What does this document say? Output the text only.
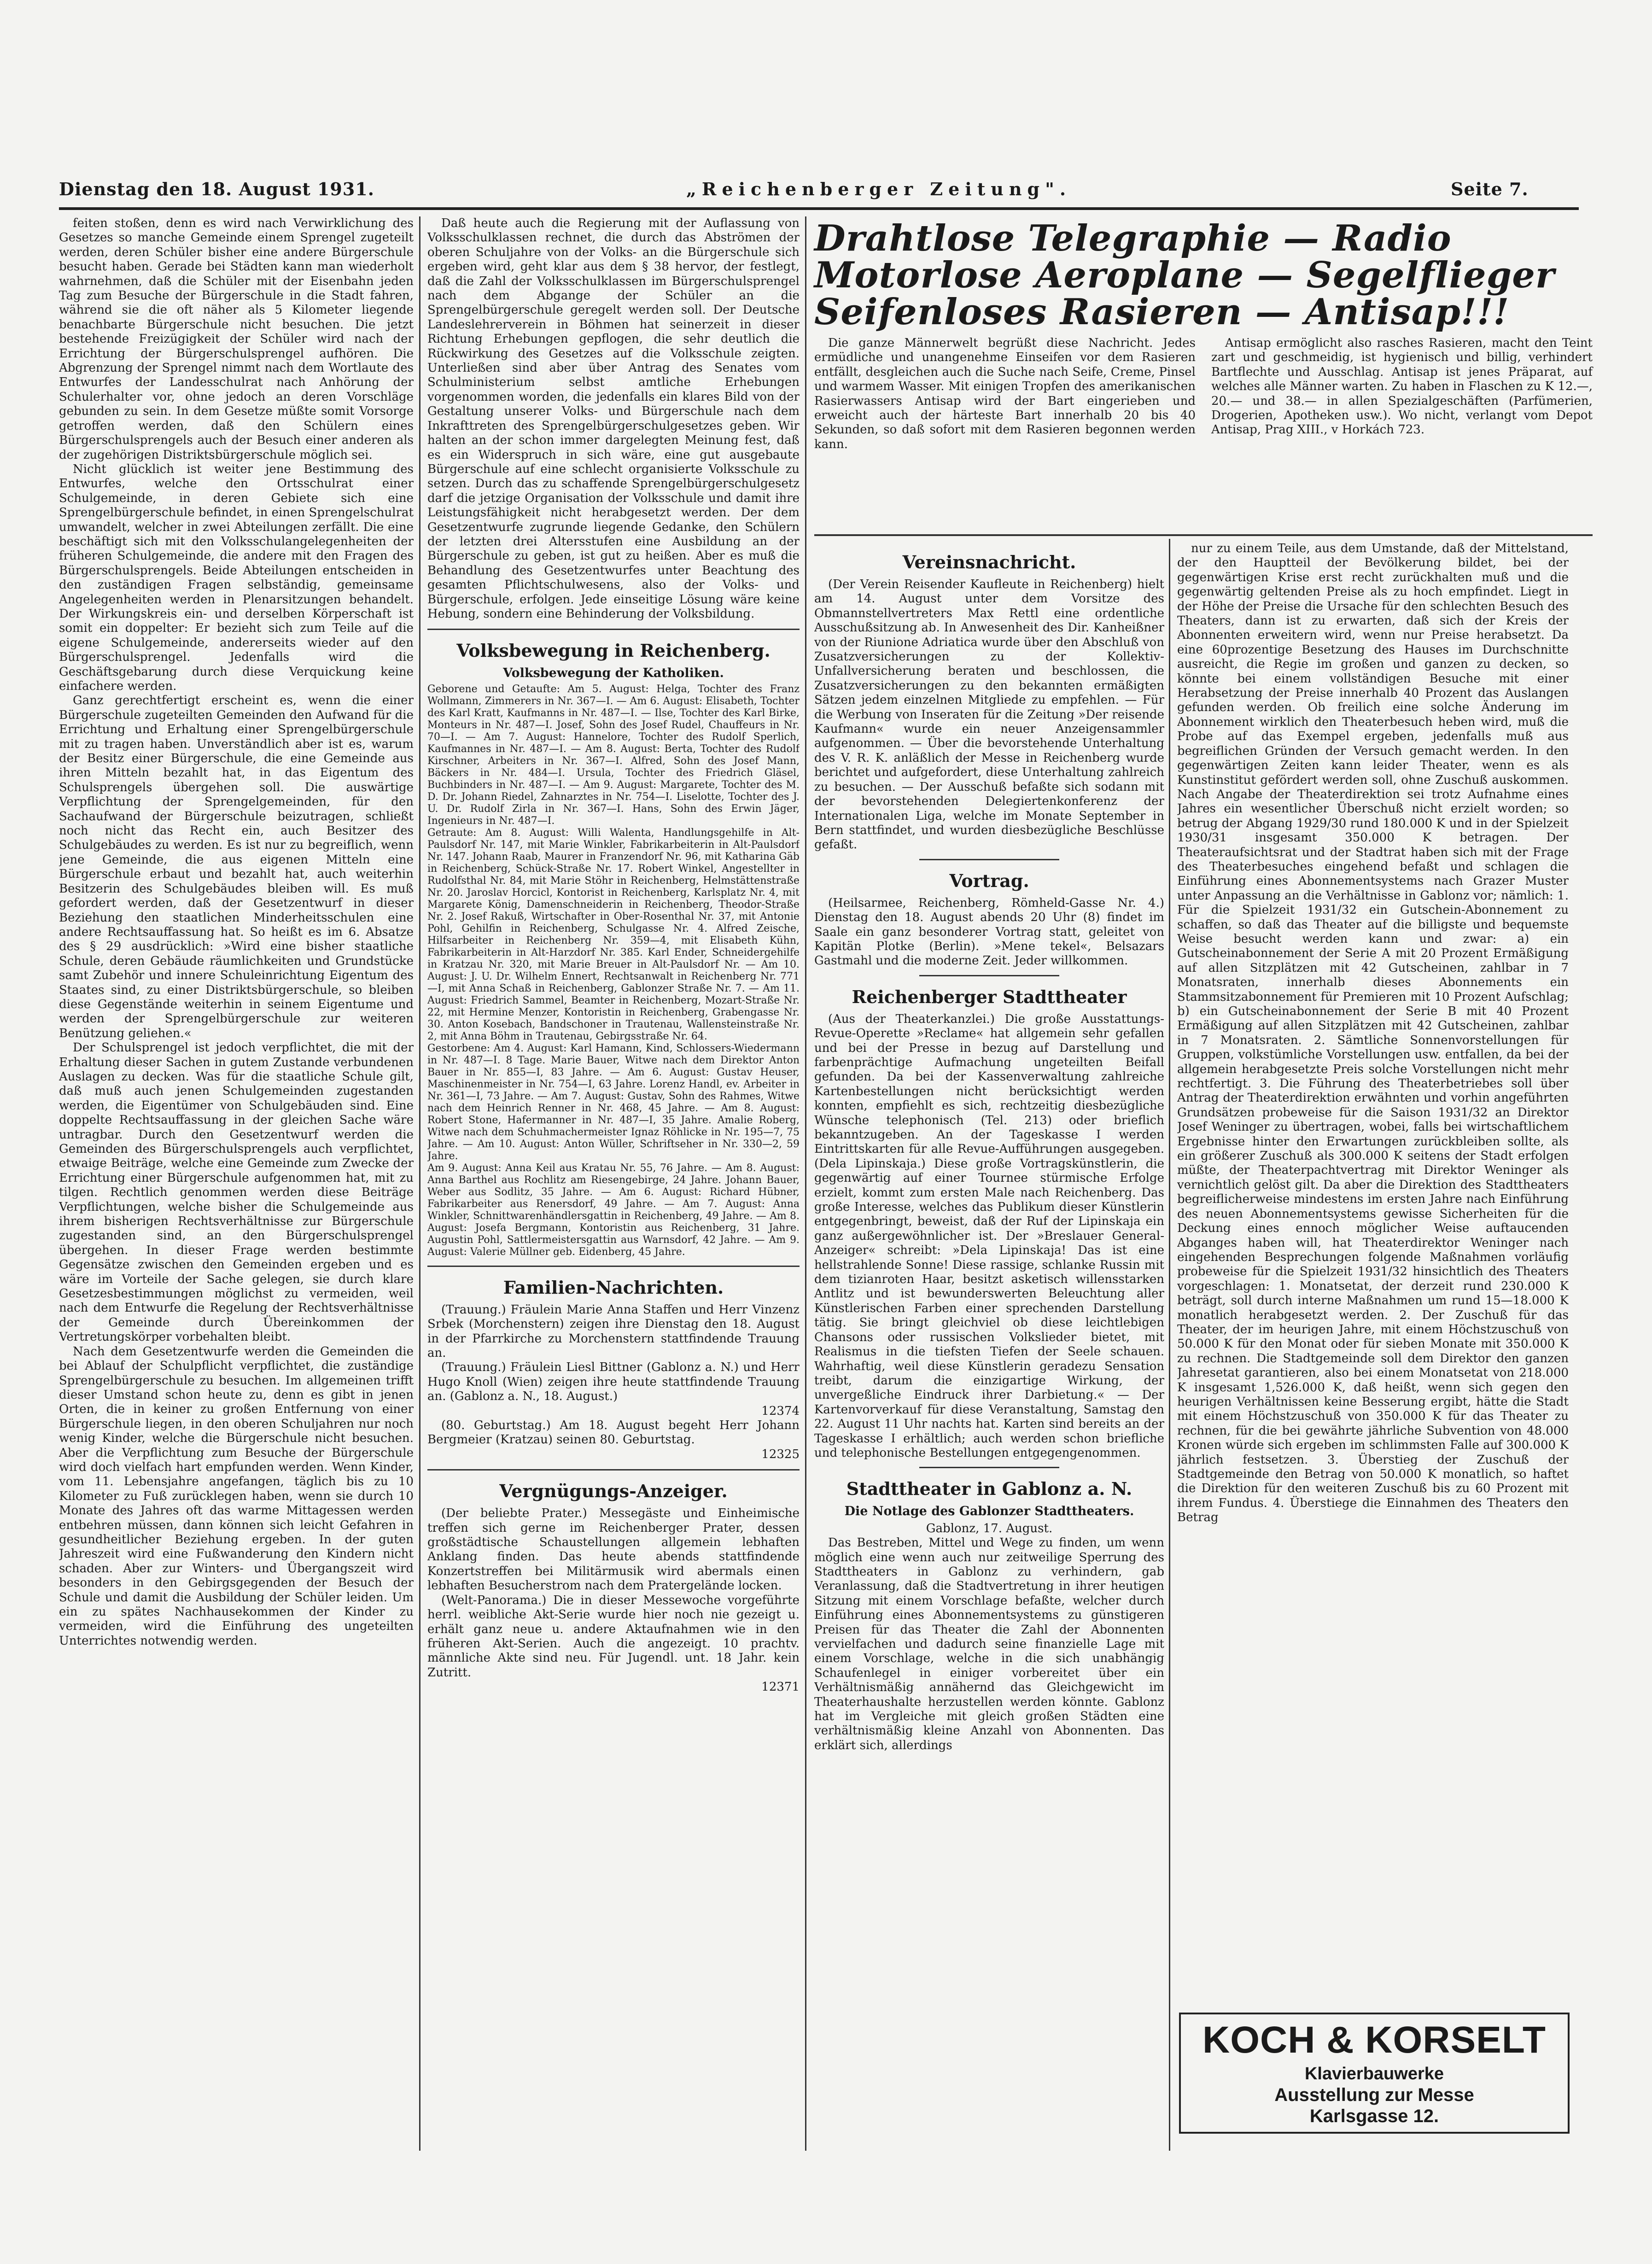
Dienstag den 18. August 1931.	„Reichenberger Zeitung".	Seite 7.

feiten stoßen, denn es wird nach Verwirklichung des Gesetzes so manche Gemeinde einem Sprengel zugeteilt werden, deren Schüler bisher eine andere Bürgerschule besucht haben. Gerade bei Städten kann man wiederholt wahrnehmen, daß die Schüler mit der Eisenbahn jeden Tag zum Besuche der Bürgerschule in die Stadt fahren, während sie die oft näher als 5 Kilometer liegende benachbarte Bürgerschule nicht besuchen. Die jetzt bestehende Freizügigkeit der Schüler wird nach der Errichtung der Bürgerschulsprengel aufhören. Die Abgrenzung der Sprengel nimmt nach dem Wortlaute des Entwurfes der Landesschulrat nach Anhörung der Schulerhalter vor, ohne jedoch an deren Vorschläge gebunden zu sein. In dem Gesetze müßte somit Vorsorge getroffen werden, daß den Schülern eines Bürgerschulsprengels auch der Besuch einer anderen als der zugehörigen Distriktsbürgerschule möglich sei.

Nicht glücklich ist weiter jene Bestimmung des Entwurfes, welche den Ortsschulrat einer Schulgemeinde, in deren Gebiete sich eine Sprengelbürgerschule befindet, in einen Sprengelschulrat umwandelt, welcher in zwei Abteilungen zerfällt. Die eine beschäftigt sich mit den Volksschulangelegenheiten der früheren Schulgemeinde, die andere mit den Fragen des Bürgerschulsprengels. Beide Abteilungen entscheiden in den zuständigen Fragen selbständig, gemeinsame Angelegenheiten werden in Plenarsitzungen behandelt. Der Wirkungskreis ein- und derselben Körperschaft ist somit ein doppelter: Er bezieht sich zum Teile auf die eigene Schulgemeinde, andererseits wieder auf den Bürgerschulsprengel. Jedenfalls wird die Geschäftsgebarung durch diese Verquickung keine einfachere werden.

Ganz gerechtfertigt erscheint es, wenn die einer Bürgerschule zugeteilten Gemeinden den Aufwand für die Errichtung und Erhaltung einer Sprengelbürgerschule mit zu tragen haben. Unverständlich aber ist es, warum der Besitz einer Bürgerschule, die eine Gemeinde aus ihren Mitteln bezahlt hat, in das Eigentum des Schulsprengels übergehen soll. Die auswärtige Verpflichtung der Sprengelgemeinden, für den Sachaufwand der Bürgerschule beizutragen, schließt noch nicht das Recht ein, auch Besitzer des Schulgebäudes zu werden. Es ist nur zu begreiflich, wenn jene Gemeinde, die aus eigenen Mitteln eine Bürgerschule erbaut und bezahlt hat, auch weiterhin Besitzerin des Schulgebäudes bleiben will. Es muß gefordert werden, daß der Gesetzentwurf in dieser Beziehung den staatlichen Minderheitsschulen eine andere Rechtsauffassung hat. So heißt es im 6. Absatze des § 29 ausdrücklich: »Wird eine bisher staatliche Schule, deren Gebäude räumlichkeiten und Grundstücke samt Zubehör und innere Schuleinrichtung Eigentum des Staates sind, zu einer Distriktsbürgerschule, so bleiben diese Gegenstände weiterhin in seinem Eigentume und werden der Sprengelbürgerschule zur weiteren Benützung geliehen.«

Der Schulsprengel ist jedoch verpflichtet, die mit der Erhaltung dieser Sachen in gutem Zustande verbundenen Auslagen zu decken. Was für die staatliche Schule gilt, daß muß auch jenen Schulgemeinden zugestanden werden, die Eigentümer von Schulgebäuden sind. Eine doppelte Rechtsauffassung in der gleichen Sache wäre untragbar. Durch den Gesetzentwurf werden die Gemeinden des Bürgerschulsprengels auch verpflichtet, etwaige Beiträge, welche eine Gemeinde zum Zwecke der Errichtung einer Bürgerschule aufgenommen hat, mit zu tilgen. Rechtlich genommen werden diese Beiträge Verpflichtungen, welche bisher die Schulgemeinde aus ihrem bisherigen Rechtsverhältnisse zur Bürgerschule zugestanden sind, an den Bürgerschulsprengel übergehen. In dieser Frage werden bestimmte Gegensätze zwischen den Gemeinden ergeben und es wäre im Vorteile der Sache gelegen, sie durch klare Gesetzesbestimmungen möglichst zu vermeiden, weil nach dem Entwurfe die Regelung der Rechtsverhältnisse der Gemeinde durch Übereinkommen der Vertretungskörper vorbehalten bleibt.

Nach dem Gesetzentwurfe werden die Gemeinden die bei Ablauf der Schulpflicht verpflichtet, die zuständige Sprengelbürgerschule zu besuchen. Im allgemeinen trifft dieser Umstand schon heute zu, denn es gibt in jenen Orten, die in keiner zu großen Entfernung von einer Bürgerschule liegen, in den oberen Schuljahren nur noch wenig Kinder, welche die Bürgerschule nicht besuchen. Aber die Verpflichtung zum Besuche der Bürgerschule wird doch vielfach hart empfunden werden. Wenn Kinder, vom 11. Lebensjahre angefangen, täglich bis zu 10 Kilometer zu Fuß zurücklegen haben, wenn sie durch 10 Monate des Jahres oft das warme Mittagessen werden entbehren müssen, dann können sich leicht Gefahren in gesundheitlicher Beziehung ergeben. In der guten Jahreszeit wird eine Fußwanderung den Kindern nicht schaden. Aber zur Winters- und Übergangszeit wird besonders in den Gebirgsgegenden der Besuch der Schule und damit die Ausbildung der Schüler leiden. Um ein zu spätes Nachhausekommen der Kinder zu vermeiden, wird die Einführung des ungeteilten Unterrichtes notwendig werden.

Daß heute auch die Regierung mit der Auflassung von Volksschulklassen rechnet, die durch das Abströmen der oberen Schuljahre von der Volks- an die Bürgerschule sich ergeben wird, geht klar aus dem § 38 hervor, der festlegt, daß die Zahl der Volksschulklassen im Bürgerschulsprengel nach dem Abgange der Schüler an die Sprengelbürgerschule geregelt werden soll. Der Deutsche Landeslehrerverein in Böhmen hat seinerzeit in dieser Richtung Erhebungen gepflogen, die sehr deutlich die Rückwirkung des Gesetzes auf die Volksschule zeigten. Unterließen sind aber über Antrag des Senates vom Schulministerium selbst amtliche Erhebungen vorgenommen worden, die jedenfalls ein klares Bild von der Gestaltung unserer Volks- und Bürgerschule nach dem Inkrafttreten des Sprengelbürgerschulgesetzes geben. Wir halten an der schon immer dargelegten Meinung fest, daß es ein Widerspruch in sich wäre, eine gut ausgebaute Bürgerschule auf eine schlecht organisierte Volksschule zu setzen. Durch das zu schaffende Sprengelbürgerschulgesetz darf die jetzige Organisation der Volksschule und damit ihre Leistungsfähigkeit nicht herabgesetzt werden. Der dem Gesetzentwurfe zugrunde liegende Gedanke, den Schülern der letzten drei Altersstufen eine Ausbildung an der Bürgerschule zu geben, ist gut zu heißen. Aber es muß die Behandlung des Gesetzentwurfes unter Beachtung des gesamten Pflichtschulwesens, also der Volks- und Bürgerschule, erfolgen. Jede einseitige Lösung wäre keine Hebung, sondern eine Behinderung der Volksbildung.

Volksbewegung in Reichenberg.
Volksbewegung der Katholiken.
Geborene und Getaufte: Am 5. August: Helga, Tochter des Franz Wollmann, Zimmerers in Nr. 367—I. — Am 6. August: Elisabeth, Tochter des Karl Kratt, Kaufmanns in Nr. 487—I. — Ilse, Tochter des Karl Birke, Monteurs in Nr. 487—I. Josef, Sohn des Josef Rudel, Chauffeurs in Nr. 70—I. — Am 7. August: Hannelore, Tochter des Rudolf Sperlich, Kaufmannes in Nr. 487—I. — Am 8. August: Berta, Tochter des Rudolf Kirschner, Arbeiters in Nr. 367—I. Alfred, Sohn des Josef Mann, Bäckers in Nr. 484—I. Ursula, Tochter des Friedrich Gläsel, Buchbinders in Nr. 487—I. — Am 9. August: Margarete, Tochter des M. D. Dr. Johann Riedel, Zahnarztes in Nr. 754—I. Liselotte, Tochter des J. U. Dr. Rudolf Zirla in Nr. 367—I. Hans, Sohn des Erwin Jäger, Ingenieurs in Nr. 487—I.
Getraute: Am 8. August: Willi Walenta, Handlungsgehilfe in Alt-Paulsdorf Nr. 147, mit Marie Winkler, Fabrikarbeiterin in Alt-Paulsdorf Nr. 147. Johann Raab, Maurer in Franzendorf Nr. 96, mit Katharina Gäb in Reichenberg, Schück-Straße Nr. 17. Robert Winkel, Angestellter in Rudolfsthal Nr. 84, mit Marie Stöhr in Reichenberg, Helmstättenstraße Nr. 20. Jaroslav Horcicl, Kontorist in Reichenberg, Karlsplatz Nr. 4, mit Margarete König, Damenschneiderin in Reichenberg, Theodor-Straße Nr. 2. Josef Rakuß, Wirtschafter in Ober-Rosenthal Nr. 37, mit Antonie Pohl, Gehilfin in Reichenberg, Schulgasse Nr. 4. Alfred Zeische, Hilfsarbeiter in Reichenberg Nr. 359—4, mit Elisabeth Kühn, Fabrikarbeiterin in Alt-Harzdorf Nr. 385. Karl Ender, Schneidergehilfe in Kratzau Nr. 320, mit Marie Breuer in Alt-Paulsdorf Nr. — Am 10. August: J. U. Dr. Wilhelm Ennert, Rechtsanwalt in Reichenberg Nr. 771—I, mit Anna Schaß in Reichenberg, Gablonzer Straße Nr. 7. — Am 11. August: Friedrich Sammel, Beamter in Reichenberg, Mozart-Straße Nr. 22, mit Hermine Menzer, Kontoristin in Reichenberg, Grabengasse Nr. 30. Anton Kosebach, Bandschoner in Trautenau, Wallensteinstraße Nr. 2, mit Anna Böhm in Trautenau, Gebirgsstraße Nr. 64.
Gestorbene: Am 4. August: Karl Hamann, Kind, Schlossers-Wiedermann in Nr. 487—I. 8 Tage. Marie Bauer, Witwe nach dem Direktor Anton Bauer in Nr. 855—I, 83 Jahre. — Am 6. August: Gustav Heuser, Maschinenmeister in Nr. 754—I, 63 Jahre. Lorenz Handl, ev. Arbeiter in Nr. 361—I, 73 Jahre. — Am 7. August: Gustav, Sohn des Rahmes, Witwe nach dem Heinrich Renner in Nr. 468, 45 Jahre. — Am 8. August: Robert Stone, Hafermanner in Nr. 487—I, 35 Jahre. Amalie Roberg, Witwe nach dem Schuhmachermeister Ignaz Röhlicke in Nr. 195—7, 75 Jahre. — Am 10. August: Anton Wüller, Schriftseher in Nr. 330—2, 59 Jahre.
Am 9. August: Anna Keil aus Kratau Nr. 55, 76 Jahre. — Am 8. August: Anna Barthel aus Rochlitz am Riesengebirge, 24 Jahre. Johann Bauer, Weber aus Sodlitz, 35 Jahre. — Am 6. August: Richard Hübner, Fabrikarbeiter aus Renersdorf, 49 Jahre. — Am 7. August: Anna Winkler, Schnittwarenhändlersgattin in Reichenberg, 49 Jahre. — Am 8. August: Josefa Bergmann, Kontoristin aus Reichenberg, 31 Jahre. Augustin Pohl, Sattlermeistersgattin aus Warnsdorf, 42 Jahre. — Am 9. August: Valerie Müllner geb. Eidenberg, 45 Jahre.
Familien-Nachrichten.

(Trauung.) Fräulein Marie Anna Staffen und Herr Vinzenz Srbek (Morchenstern) zeigen ihre Dienstag den 18. August in der Pfarrkirche zu Morchenstern stattfindende Trauung an.

(Trauung.) Fräulein Liesl Bittner (Gablonz a. N.) und Herr Hugo Knoll (Wien) zeigen ihre heute stattfindende Trauung an. (Gablonz a. N., 18. August.)

12374

(80. Geburtstag.) Am 18. August begeht Herr Johann Bergmeier (Kratzau) seinen 80. Geburtstag.

12325
Vergnügungs-Anzeiger.

(Der beliebte Prater.) Messegäste und Einheimische treffen sich gerne im Reichenberger Prater, dessen großstädtische Schaustellungen allgemein lebhaften Anklang finden. Das heute abends stattfindende Konzertstreffen bei Militärmusik wird abermals einen lebhaften Besucherstrom nach dem Pratergelände locken.

(Welt-Panorama.) Die in dieser Messewoche vorgeführte herrl. weibliche Akt-Serie wurde hier noch nie gezeigt u. erhält ganz neue u. andere Aktaufnahmen wie in den früheren Akt-Serien. Auch die angezeigt. 10 prachtv. männliche Akte sind neu. Für Jugendl. unt. 18 Jahr. kein Zutritt.

12371
Drahtlose Telegraphie — Radio
Motorlose Aeroplane — Segelflieger
Seifenloses Rasieren — Antisap!!!

Die ganze Männerwelt begrüßt diese Nachricht. Jedes ermüdliche und unangenehme Einseifen vor dem Rasieren entfällt, desgleichen auch die Suche nach Seife, Creme, Pinsel und warmem Wasser. Mit einigen Tropfen des amerikanischen Rasierwassers Antisap wird der Bart eingerieben und erweicht auch der härteste Bart innerhalb 20 bis 40 Sekunden, so daß sofort mit dem Rasieren begonnen werden kann.

Antisap ermöglicht also rasches Rasieren, macht den Teint zart und geschmeidig, ist hygienisch und billig, verhindert Bartflechte und Ausschlag. Antisap ist jenes Präparat, auf welches alle Männer warten. Zu haben in Flaschen zu K 12.—, 20.— und 38.— in allen Spezialgeschäften (Parfümerien, Drogerien, Apotheken usw.). Wo nicht, verlangt vom Depot Antisap, Prag XIII., v Horkách 723.

Vereinsnachricht.

(Der Verein Reisender Kaufleute in Reichenberg) hielt am 14. August unter dem Vorsitze des Obmannstellvertreters Max Rettl eine ordentliche Ausschußsitzung ab. In Anwesenheit des Dir. Kanheißner von der Riunione Adriatica wurde über den Abschluß von Zusatzversicherungen zu der Kollektiv-Unfallversicherung beraten und beschlossen, die Zusatzversicherungen zu den bekannten ermäßigten Sätzen jedem einzelnen Mitgliede zu empfehlen. — Für die Werbung von Inseraten für die Zeitung »Der reisende Kaufmann« wurde ein neuer Anzeigensammler aufgenommen. — Über die bevorstehende Unterhaltung des V. R. K. anläßlich der Messe in Reichenberg wurde berichtet und aufgefordert, diese Unterhaltung zahlreich zu besuchen. — Der Ausschuß befaßte sich sodann mit der bevorstehenden Delegiertenkonferenz der Internationalen Liga, welche im Monate September in Bern stattfindet, und wurden diesbezügliche Beschlüsse gefaßt.

Vortrag.

(Heilsarmee, Reichenberg, Römheld-Gasse Nr. 4.) Dienstag den 18. August abends 20 Uhr (8) findet im Saale ein ganz besonderer Vortrag statt, geleitet von Kapitän Plotke (Berlin). »Mene tekel«, Belsazars Gastmahl und die moderne Zeit. Jeder willkommen.

Reichenberger Stadttheater

(Aus der Theaterkanzlei.) Die große Ausstattungs-Revue-Operette »Reclame« hat allgemein sehr gefallen und bei der Presse in bezug auf Darstellung und farbenprächtige Aufmachung ungeteilten Beifall gefunden. Da bei der Kassenverwaltung zahlreiche Kartenbestellungen nicht berücksichtigt werden konnten, empfiehlt es sich, rechtzeitig diesbezügliche Wünsche telephonisch (Tel. 213) oder brieflich bekanntzugeben. An der Tageskasse I werden Eintrittskarten für alle Revue-Aufführungen ausgegeben. (Dela Lipinskaja.) Diese große Vortragskünstlerin, die gegenwärtig auf einer Tournee stürmische Erfolge erzielt, kommt zum ersten Male nach Reichenberg. Das große Interesse, welches das Publikum dieser Künstlerin entgegenbringt, beweist, daß der Ruf der Lipinskaja ein ganz außergewöhnlicher ist. Der »Breslauer General-Anzeiger« schreibt: »Dela Lipinskaja! Das ist eine hellstrahlende Sonne! Diese rassige, schlanke Russin mit dem tizianroten Haar, besitzt asketisch willensstarken Antlitz und ist bewunderswerten Beleuchtung aller Künstlerischen Farben einer sprechenden Darstellung tätig. Sie bringt gleichviel ob diese leichtlebigen Chansons oder russischen Volkslieder bietet, mit Realismus in die tiefsten Tiefen der Seele schauen. Wahrhaftig, weil diese Künstlerin geradezu Sensation treibt, darum die einzigartige Wirkung, der unvergeßliche Eindruck ihrer Darbietung.« — Der Kartenvorverkauf für diese Veranstaltung, Samstag den 22. August 11 Uhr nachts hat. Karten sind bereits an der Tageskasse I erhältlich; auch werden schon briefliche und telephonische Bestellungen entgegengenommen.

Stadttheater in Gablonz a. N.
Die Notlage des Gablonzer Stadttheaters.
Gablonz, 17. August.

Das Bestreben, Mittel und Wege zu finden, um wenn möglich eine wenn auch nur zeitweilige Sperrung des Stadttheaters in Gablonz zu verhindern, gab Veranlassung, daß die Stadtvertretung in ihrer heutigen Sitzung mit einem Vorschlage befaßte, welcher durch Einführung eines Abonnementsystems zu günstigeren Preisen für das Theater die Zahl der Abonnenten vervielfachen und dadurch seine finanzielle Lage mit einem Vorschlage, welche in die sich unabhängig Schaufenlegel in einiger vorbereitet über ein Verhältnismäßig annähernd das Gleichgewicht im Theaterhaushalte herzustellen werden könnte. Gablonz hat im Vergleiche mit gleich großen Städten eine verhältnismäßig kleine Anzahl von Abonnenten. Das erklärt sich, allerdings

nur zu einem Teile, aus dem Umstande, daß der Mittelstand, der den Hauptteil der Bevölkerung bildet, bei der gegenwärtigen Krise erst recht zurückhalten muß und die gegenwärtig geltenden Preise als zu hoch empfindet. Liegt in der Höhe der Preise die Ursache für den schlechten Besuch des Theaters, dann ist zu erwarten, daß sich der Kreis der Abonnenten erweitern wird, wenn nur Preise herabsetzt. Da eine 60prozentige Besetzung des Hauses im Durchschnitte ausreicht, die Regie im großen und ganzen zu decken, so könnte bei einem vollständigen Besuche mit einer Herabsetzung der Preise innerhalb 40 Prozent das Auslangen gefunden werden. Ob freilich eine solche Änderung im Abonnement wirklich den Theaterbesuch heben wird, muß die Probe auf das Exempel ergeben, jedenfalls muß aus begreiflichen Gründen der Versuch gemacht werden. In den gegenwärtigen Zeiten kann leider Theater, wenn es als Kunstinstitut gefördert werden soll, ohne Zuschuß auskommen. Nach Angabe der Theaterdirektion sei trotz Aufnahme eines Jahres ein wesentlicher Überschuß nicht erzielt worden; so betrug der Abgang 1929/30 rund 180.000 K und in der Spielzeit 1930/31 insgesamt 350.000 K betragen. Der Theateraufsichtsrat und der Stadtrat haben sich mit der Frage des Theaterbesuches eingehend befaßt und schlagen die Einführung eines Abonnementsystems nach Grazer Muster unter Anpassung an die Verhältnisse in Gablonz vor; nämlich: 1. Für die Spielzeit 1931/32 ein Gutschein-Abonnement zu schaffen, so daß das Theater auf die billigste und bequemste Weise besucht werden kann und zwar: a) ein Gutscheinabonnement der Serie A mit 20 Prozent Ermäßigung auf allen Sitzplätzen mit 42 Gutscheinen, zahlbar in 7 Monatsraten, innerhalb dieses Abonnements ein Stammsitzabonnement für Premieren mit 10 Prozent Aufschlag; b) ein Gutscheinabonnement der Serie B mit 40 Prozent Ermäßigung auf allen Sitzplätzen mit 42 Gutscheinen, zahlbar in 7 Monatsraten. 2. Sämtliche Sonnenvorstellungen für Gruppen, volkstümliche Vorstellungen usw. entfallen, da bei der allgemein herabgesetzte Preis solche Vorstellungen nicht mehr rechtfertigt. 3. Die Führung des Theaterbetriebes soll über Antrag der Theaterdirektion erwähnten und vorhin angeführten Grundsätzen probeweise für die Saison 1931/32 an Direktor Josef Weninger zu übertragen, wobei, falls bei wirtschaftlichem Ergebnisse hinter den Erwartungen zurückbleiben sollte, als ein größerer Zuschuß als 300.000 K seitens der Stadt erfolgen müßte, der Theaterpachtvertrag mit Direktor Weninger als vernichtlich gelöst gilt. Da aber die Direktion des Stadttheaters begreiflicherweise mindestens im ersten Jahre nach Einführung des neuen Abonnementsystems gewisse Sicherheiten für die Deckung eines ennoch möglicher Weise auftaucenden Abganges haben will, hat Theaterdirektor Weninger nach eingehenden Besprechungen folgende Maßnahmen vorläufig probeweise für die Spielzeit 1931/32 hinsichtlich des Theaters vorgeschlagen: 1. Monatsetat, der derzeit rund 230.000 K beträgt, soll durch interne Maßnahmen um rund 15—18.000 K monatlich herabgesetzt werden. 2. Der Zuschuß für das Theater, der im heurigen Jahre, mit einem Höchstzuschuß von 50.000 K für den Monat oder für sieben Monate mit 350.000 K zu rechnen. Die Stadtgemeinde soll dem Direktor den ganzen Jahresetat garantieren, also bei einem Monatsetat von 218.000 K insgesamt 1,526.000 K, daß heißt, wenn sich gegen den heurigen Verhältnissen keine Besserung ergibt, hätte die Stadt mit einem Höchstzuschuß von 350.000 K für das Theater zu rechnen, für die bei gewährte jährliche Subvention von 48.000 Kronen würde sich ergeben im schlimmsten Falle auf 300.000 K jährlich festsetzen. 3. Überstieg der Zuschuß der Stadtgemeinde den Betrag von 50.000 K monatlich, so haftet die Direktion für den weiteren Zuschuß bis zu 60 Prozent mit ihrem Fundus. 4. Überstiege die Einnahmen des Theaters den Betrag

KOCH & KORSELT
Klavierbauwerke
Ausstellung zur Messe
Karlsgasse 12.
